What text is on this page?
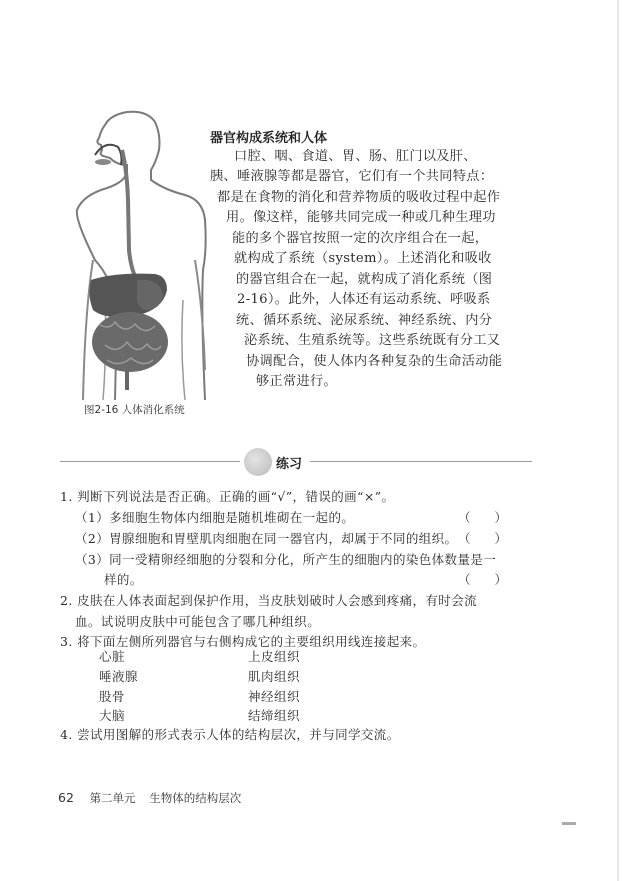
图2-16 人体消化系统
器官构成系统和人体
口腔、咽、食道、胃、肠、肛门以及肝、
胰、唾液腺等都是器官，它们有一个共同特点：
都是在食物的消化和营养物质的吸收过程中起作
用。像这样，能够共同完成一种或几种生理功
能的多个器官按照一定的次序组合在一起，
就构成了系统（system）。上述消化和吸收
的器官组合在一起，就构成了消化系统（图
2-16）。此外，人体还有运动系统、呼吸系
统、循环系统、泌尿系统、神经系统、内分
泌系统、生殖系统等。这些系统既有分工又
协调配合，使人体内各种复杂的生命活动能
够正常进行。
练习
1. 判断下列说法是否正确。正确的画“√”，错误的画“×”。
（1）多细胞生物体内细胞是随机堆砌在一起的。	（ ）
（2）胃腺细胞和胃壁肌肉细胞在同一器官内，却属于不同的组织。 （ ）
（3）同一受精卵经细胞的分裂和分化，所产生的细胞内的染色体数量是一
样的。	（ ）
2. 皮肤在人体表面起到保护作用，当皮肤划破时人会感到疼痛，有时会流
血。试说明皮肤中可能包含了哪几种组织。
3. 将下面左侧所列器官与右侧构成它的主要组织用线连接起来。
心脏
唾液腺
股骨
大脑
上皮组织
肌肉组织
神经组织
结缔组织
4. 尝试用图解的形式表示人体的结构层次，并与同学交流。
62 第二单元 生物体的结构层次
